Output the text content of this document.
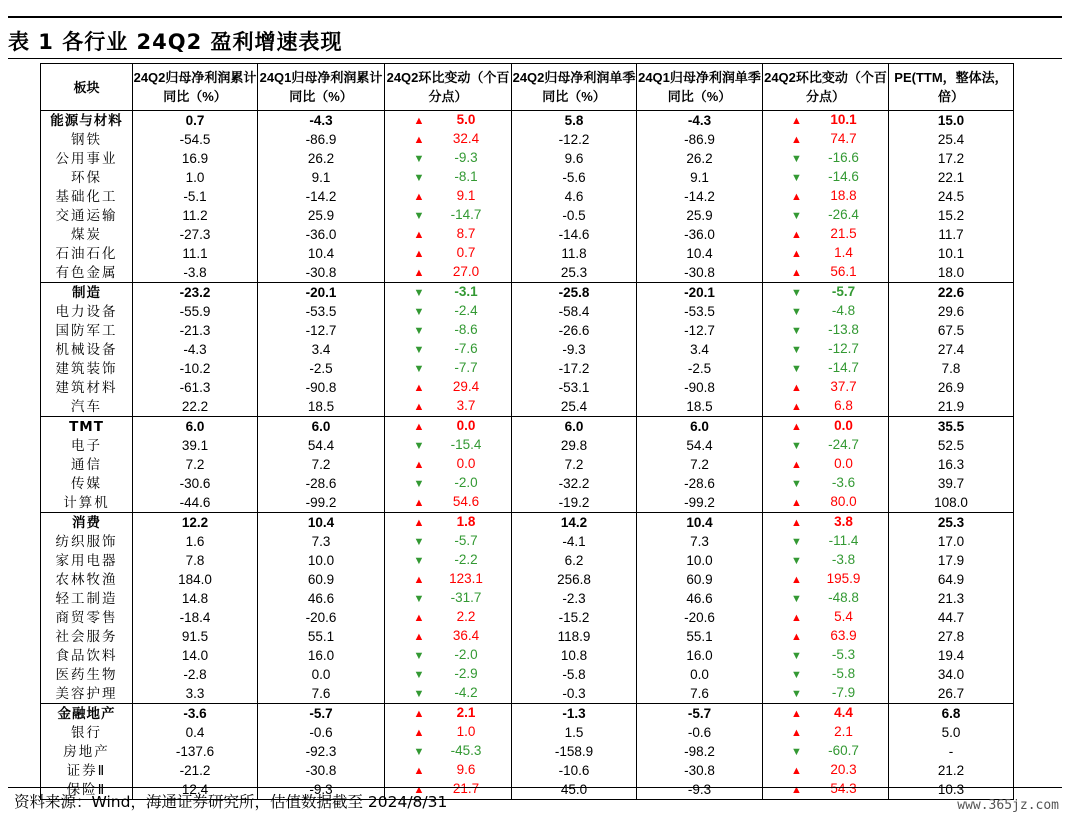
表 1 各行业 24Q2 盈利增速表现
板块	24Q2归母净利润累计同比（%）	24Q1归母净利润累计同比（%）	24Q2环比变动（个百分点）	24Q2归母净利润单季同比（%）	24Q1归母净利润单季同比（%）	24Q2环比变动（个百分点）	PE(TTM，整体法，倍）
能源与材料	0.7	-4.3	▲ 5.0	5.8	-4.3	▲ 10.1	15.0
钢铁	-54.5	-86.9	▲ 32.4	-12.2	-86.9	▲ 74.7	25.4
公用事业	16.9	26.2	▼ -9.3	9.6	26.2	▼ -16.6	17.2
环保	1.0	9.1	▼ -8.1	-5.6	9.1	▼ -14.6	22.1
基础化工	-5.1	-14.2	▲ 9.1	4.6	-14.2	▲ 18.8	24.5
交通运输	11.2	25.9	▼ -14.7	-0.5	25.9	▼ -26.4	15.2
煤炭	-27.3	-36.0	▲ 8.7	-14.6	-36.0	▲ 21.5	11.7
石油石化	11.1	10.4	▲ 0.7	11.8	10.4	▲ 1.4	10.1
有色金属	-3.8	-30.8	▲ 27.0	25.3	-30.8	▲ 56.1	18.0
制造	-23.2	-20.1	▼ -3.1	-25.8	-20.1	▼ -5.7	22.6
电力设备	-55.9	-53.5	▼ -2.4	-58.4	-53.5	▼ -4.8	29.6
国防军工	-21.3	-12.7	▼ -8.6	-26.6	-12.7	▼ -13.8	67.5
机械设备	-4.3	3.4	▼ -7.6	-9.3	3.4	▼ -12.7	27.4
建筑装饰	-10.2	-2.5	▼ -7.7	-17.2	-2.5	▼ -14.7	7.8
建筑材料	-61.3	-90.8	▲ 29.4	-53.1	-90.8	▲ 37.7	26.9
汽车	22.2	18.5	▲ 3.7	25.4	18.5	▲ 6.8	21.9
TMT	6.0	6.0	▲ 0.0	6.0	6.0	▲ 0.0	35.5
电子	39.1	54.4	▼ -15.4	29.8	54.4	▼ -24.7	52.5
通信	7.2	7.2	▲ 0.0	7.2	7.2	▲ 0.0	16.3
传媒	-30.6	-28.6	▼ -2.0	-32.2	-28.6	▼ -3.6	39.7
计算机	-44.6	-99.2	▲ 54.6	-19.2	-99.2	▲ 80.0	108.0
消费	12.2	10.4	▲ 1.8	14.2	10.4	▲ 3.8	25.3
纺织服饰	1.6	7.3	▼ -5.7	-4.1	7.3	▼ -11.4	17.0
家用电器	7.8	10.0	▼ -2.2	6.2	10.0	▼ -3.8	17.9
农林牧渔	184.0	60.9	▲ 123.1	256.8	60.9	▲ 195.9	64.9
轻工制造	14.8	46.6	▼ -31.7	-2.3	46.6	▼ -48.8	21.3
商贸零售	-18.4	-20.6	▲ 2.2	-15.2	-20.6	▲ 5.4	44.7
社会服务	91.5	55.1	▲ 36.4	118.9	55.1	▲ 63.9	27.8
食品饮料	14.0	16.0	▼ -2.0	10.8	16.0	▼ -5.3	19.4
医药生物	-2.8	0.0	▼ -2.9	-5.8	0.0	▼ -5.8	34.0
美容护理	3.3	7.6	▼ -4.2	-0.3	7.6	▼ -7.9	26.7
金融地产	-3.6	-5.7	▲ 2.1	-1.3	-5.7	▲ 4.4	6.8
银行	0.4	-0.6	▲ 1.0	1.5	-0.6	▲ 2.1	5.0
房地产	-137.6	-92.3	▼ -45.3	-158.9	-98.2	▼ -60.7	-
证券Ⅱ	-21.2	-30.8	▲ 9.6	-10.6	-30.8	▲ 20.3	21.2
保险Ⅱ	12.4	-9.3	▲ 21.7	45.0	-9.3	▲ 54.3	10.3
资料来源：Wind，海通证券研究所，估值数据截至 2024/8/31	www.365jz.com
